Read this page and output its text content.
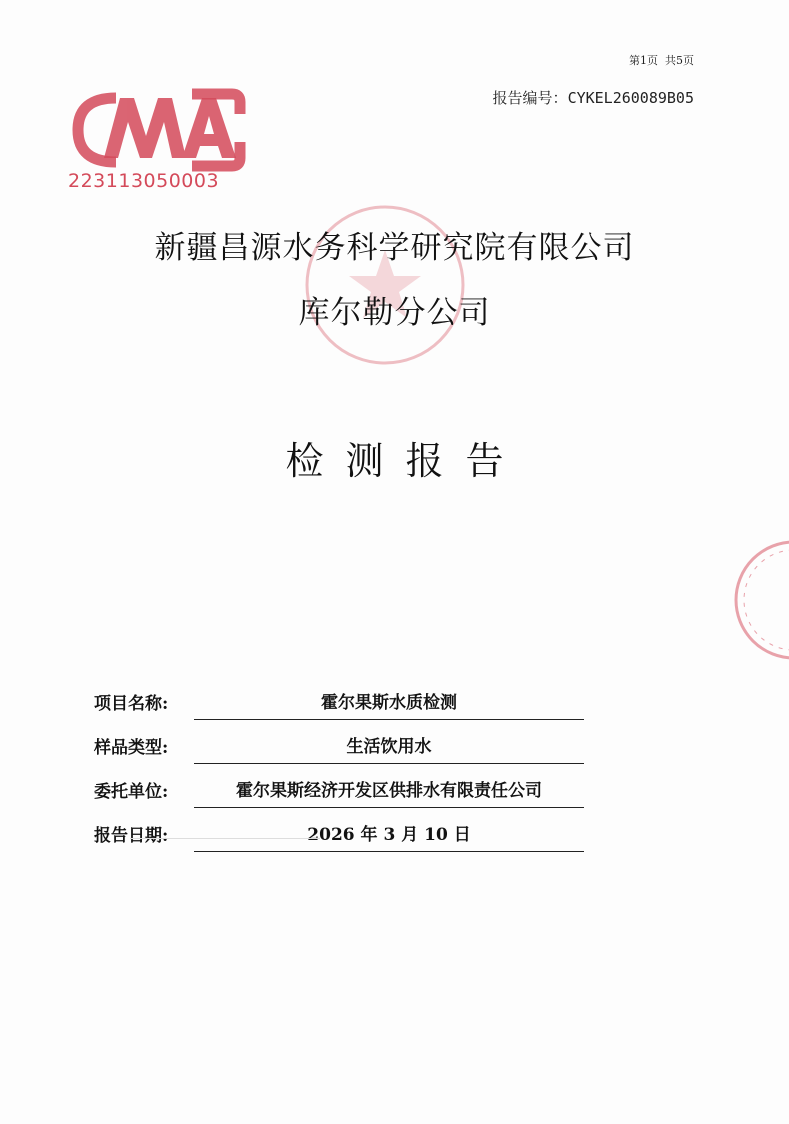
第1页  共5页
报告编号：CYKEL260089B05
223113050003
新疆昌源水务科学研究院有限公司
库尔勒分公司
检测报告
项目名称:	霍尔果斯水质检测
样品类型:	生活饮用水
委托单位:	霍尔果斯经济开发区供排水有限责任公司
报告日期:	2026 年 3 月 10 日
